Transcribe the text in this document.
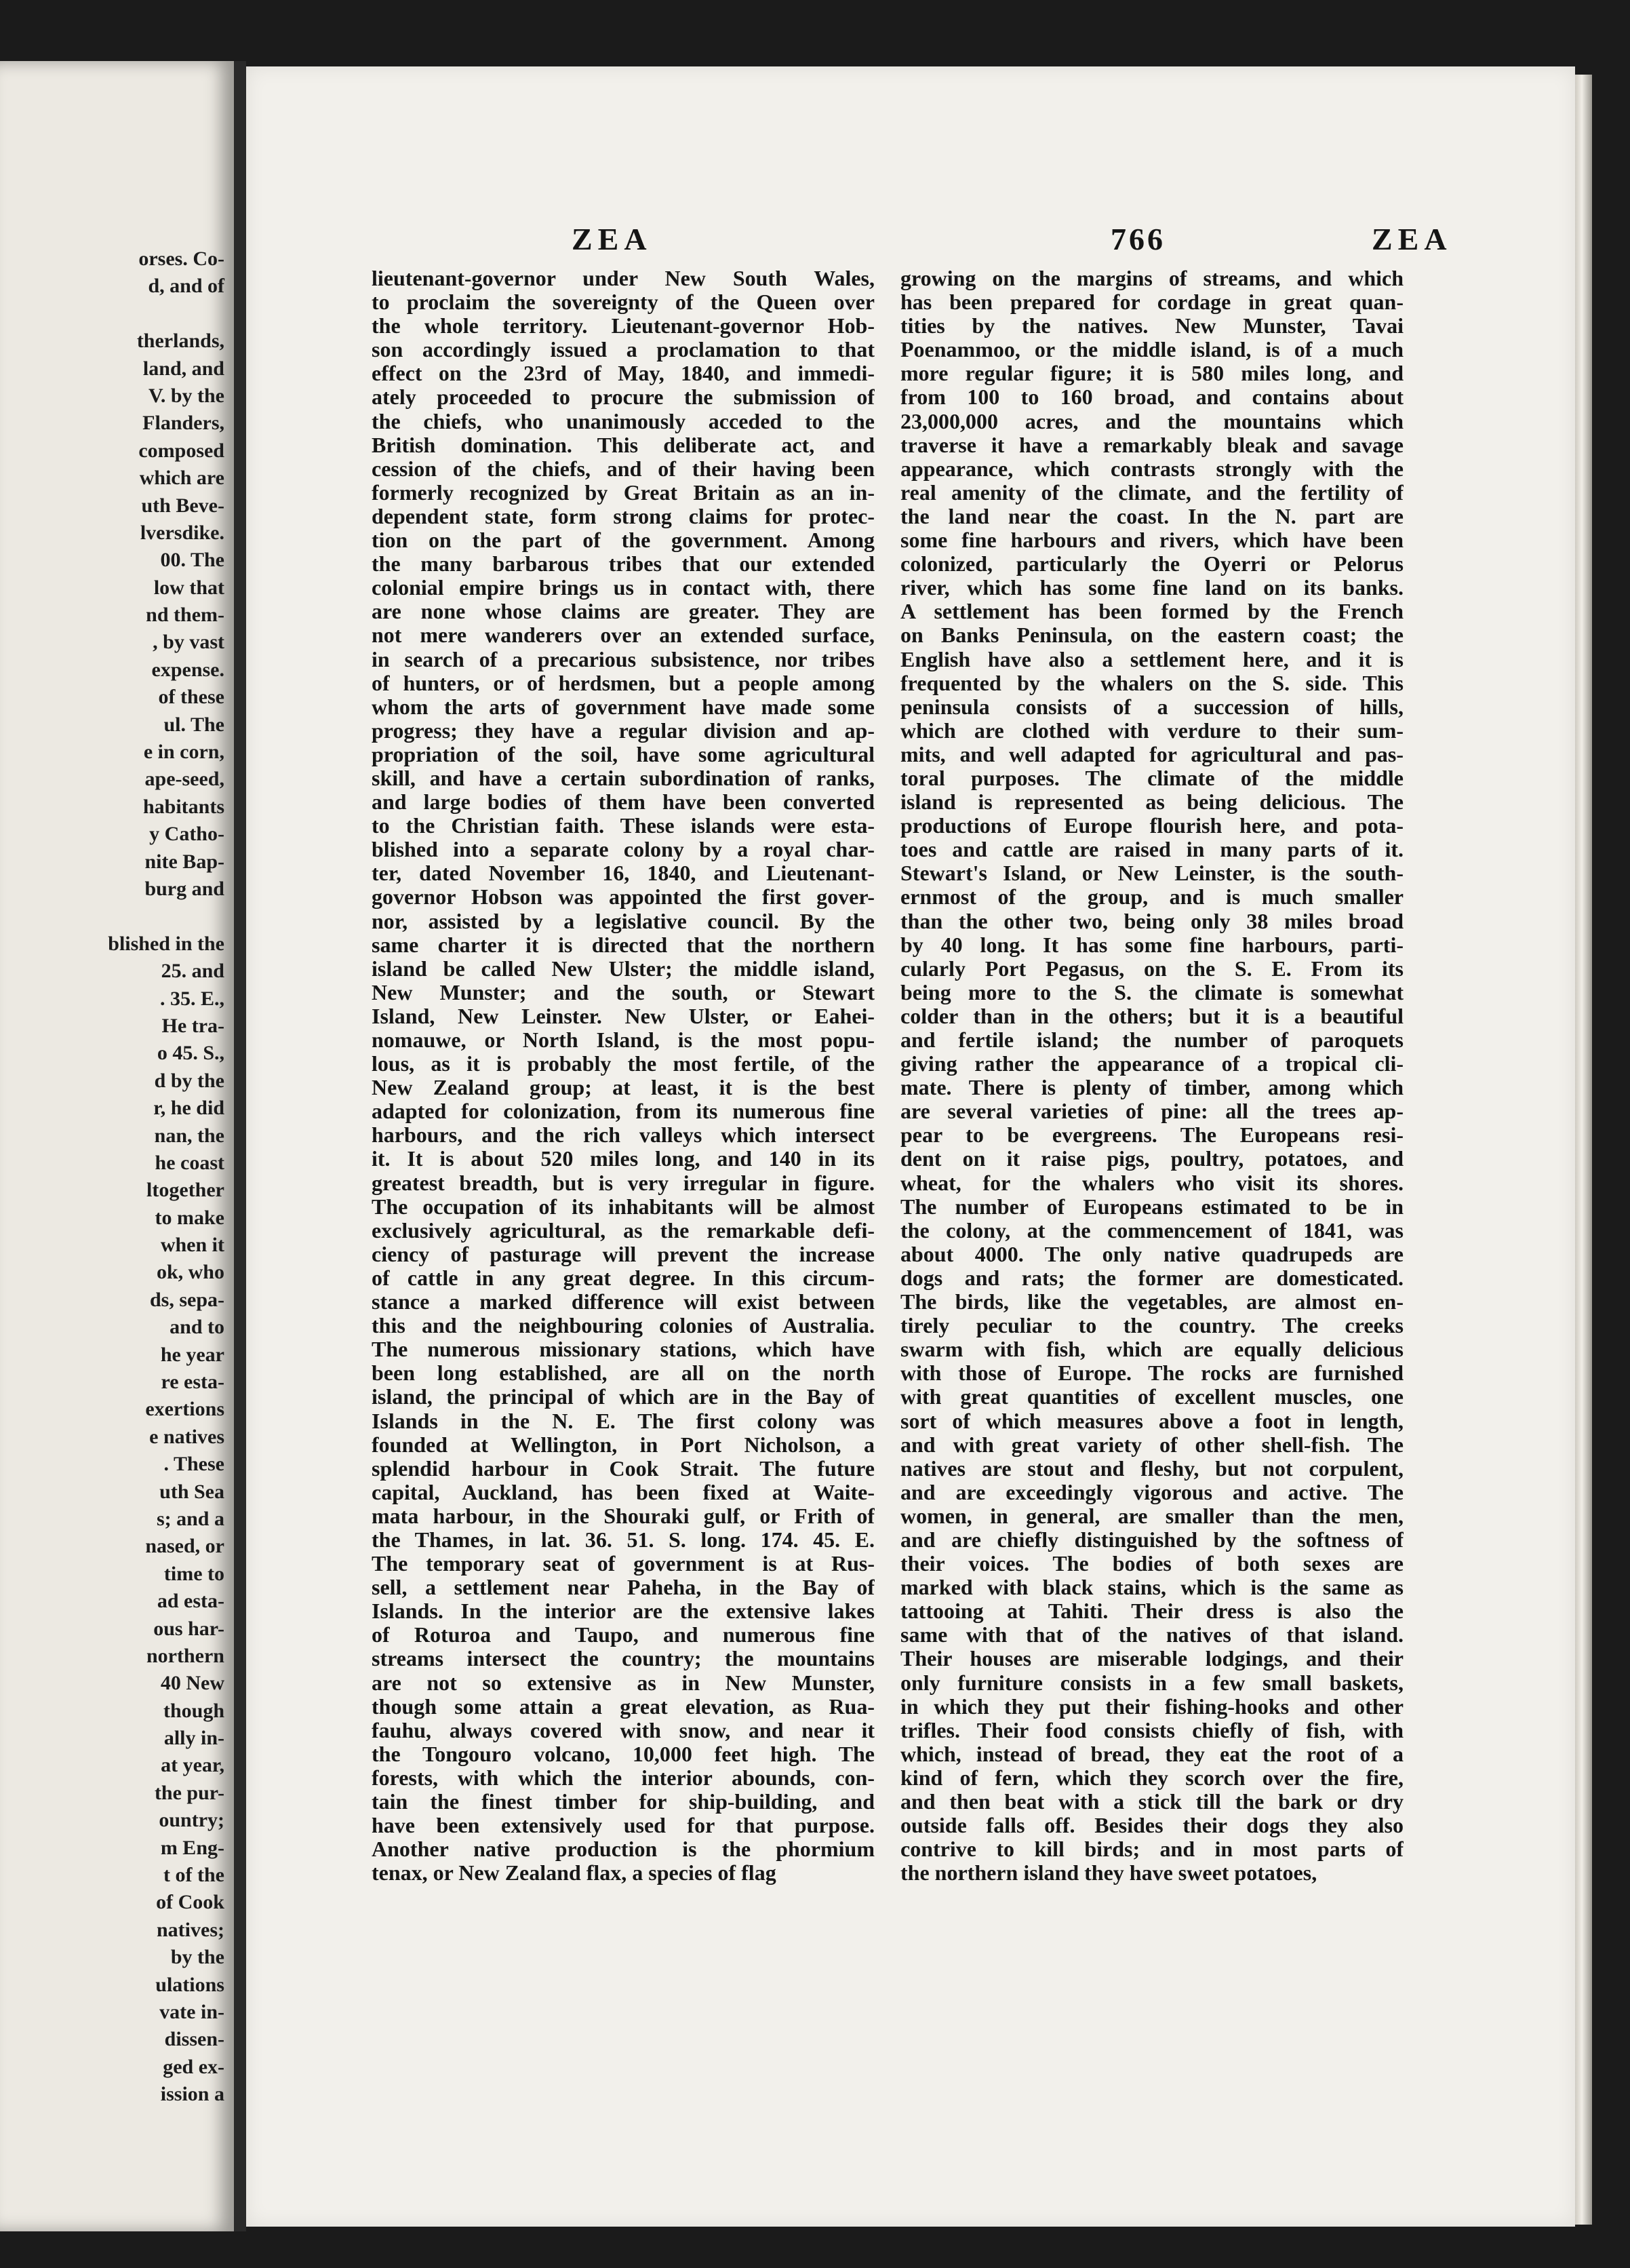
orses. Co-
d, and of
therlands,
land, and
V. by the
Flanders,
composed
which are
uth Beve-
lversdike.
00. The
low that
nd them-
, by vast
expense.
of these
ul. The
e in corn,
ape-seed,
habitants
y Catho-
nite Bap-
burg and
blished in the
25. and
. 35. E.,
He tra-
o 45. S.,
d by the
r, he did
nan, the
he coast
ltogether
to make
when it
ok, who
ds, sepa-
and to
he year
re esta-
exertions
e natives
. These
uth Sea
s; and a
nased, or
time to
ad esta-
ous har-
northern
40 New
though
ally in-
at year,
the pur-
ountry;
m Eng-
t of the
of Cook
natives;
by the
ulations
vate in-
dissen-
ged ex-
ission a
ZEA	766	ZEA
lieutenant-governor under New South Wales,
to proclaim the sovereignty of the Queen over
the whole territory. Lieutenant-governor Hob-
son accordingly issued a proclamation to that
effect on the 23rd of May, 1840, and immedi-
ately proceeded to procure the submission of
the chiefs, who unanimously acceded to the
British domination. This deliberate act, and
cession of the chiefs, and of their having been
formerly recognized by Great Britain as an in-
dependent state, form strong claims for protec-
tion on the part of the government. Among
the many barbarous tribes that our extended
colonial empire brings us in contact with, there
are none whose claims are greater. They are
not mere wanderers over an extended surface,
in search of a precarious subsistence, nor tribes
of hunters, or of herdsmen, but a people among
whom the arts of government have made some
progress; they have a regular division and ap-
propriation of the soil, have some agricultural
skill, and have a certain subordination of ranks,
and large bodies of them have been converted
to the Christian faith. These islands were esta-
blished into a separate colony by a royal char-
ter, dated November 16, 1840, and Lieutenant-
governor Hobson was appointed the first gover-
nor, assisted by a legislative council. By the
same charter it is directed that the northern
island be called New Ulster; the middle island,
New Munster; and the south, or Stewart
Island, New Leinster. New Ulster, or Eahei-
nomauwe, or North Island, is the most popu-
lous, as it is probably the most fertile, of the
New Zealand group; at least, it is the best
adapted for colonization, from its numerous fine
harbours, and the rich valleys which intersect
it. It is about 520 miles long, and 140 in its
greatest breadth, but is very irregular in figure.
The occupation of its inhabitants will be almost
exclusively agricultural, as the remarkable defi-
ciency of pasturage will prevent the increase
of cattle in any great degree. In this circum-
stance a marked difference will exist between
this and the neighbouring colonies of Australia.
The numerous missionary stations, which have
been long established, are all on the north
island, the principal of which are in the Bay of
Islands in the N. E. The first colony was
founded at Wellington, in Port Nicholson, a
splendid harbour in Cook Strait. The future
capital, Auckland, has been fixed at Waite-
mata harbour, in the Shouraki gulf, or Frith of
the Thames, in lat. 36. 51. S. long. 174. 45. E.
The temporary seat of government is at Rus-
sell, a settlement near Paheha, in the Bay of
Islands. In the interior are the extensive lakes
of Roturoa and Taupo, and numerous fine
streams intersect the country; the mountains
are not so extensive as in New Munster,
though some attain a great elevation, as Rua-
fauhu, always covered with snow, and near it
the Tongouro volcano, 10,000 feet high. The
forests, with which the interior abounds, con-
tain the finest timber for ship-building, and
have been extensively used for that purpose.
Another native production is the phormium
tenax, or New Zealand flax, a species of flag
growing on the margins of streams, and which
has been prepared for cordage in great quan-
tities by the natives. New Munster, Tavai
Poenammoo, or the middle island, is of a much
more regular figure; it is 580 miles long, and
from 100 to 160 broad, and contains about
23,000,000 acres, and the mountains which
traverse it have a remarkably bleak and savage
appearance, which contrasts strongly with the
real amenity of the climate, and the fertility of
the land near the coast. In the N. part are
some fine harbours and rivers, which have been
colonized, particularly the Oyerri or Pelorus
river, which has some fine land on its banks.
A settlement has been formed by the French
on Banks Peninsula, on the eastern coast; the
English have also a settlement here, and it is
frequented by the whalers on the S. side. This
peninsula consists of a succession of hills,
which are clothed with verdure to their sum-
mits, and well adapted for agricultural and pas-
toral purposes. The climate of the middle
island is represented as being delicious. The
productions of Europe flourish here, and pota-
toes and cattle are raised in many parts of it.
Stewart's Island, or New Leinster, is the south-
ernmost of the group, and is much smaller
than the other two, being only 38 miles broad
by 40 long. It has some fine harbours, parti-
cularly Port Pegasus, on the S. E. From its
being more to the S. the climate is somewhat
colder than in the others; but it is a beautiful
and fertile island; the number of paroquets
giving rather the appearance of a tropical cli-
mate. There is plenty of timber, among which
are several varieties of pine: all the trees ap-
pear to be evergreens. The Europeans resi-
dent on it raise pigs, poultry, potatoes, and
wheat, for the whalers who visit its shores.
The number of Europeans estimated to be in
the colony, at the commencement of 1841, was
about 4000. The only native quadrupeds are
dogs and rats; the former are domesticated.
The birds, like the vegetables, are almost en-
tirely peculiar to the country. The creeks
swarm with fish, which are equally delicious
with those of Europe. The rocks are furnished
with great quantities of excellent muscles, one
sort of which measures above a foot in length,
and with great variety of other shell-fish. The
natives are stout and fleshy, but not corpulent,
and are exceedingly vigorous and active. The
women, in general, are smaller than the men,
and are chiefly distinguished by the softness of
their voices. The bodies of both sexes are
marked with black stains, which is the same as
tattooing at Tahiti. Their dress is also the
same with that of the natives of that island.
Their houses are miserable lodgings, and their
only furniture consists in a few small baskets,
in which they put their fishing-hooks and other
trifles. Their food consists chiefly of fish, with
which, instead of bread, they eat the root of a
kind of fern, which they scorch over the fire,
and then beat with a stick till the bark or dry
outside falls off. Besides their dogs they also
contrive to kill birds; and in most parts of
the northern island they have sweet potatoes,
